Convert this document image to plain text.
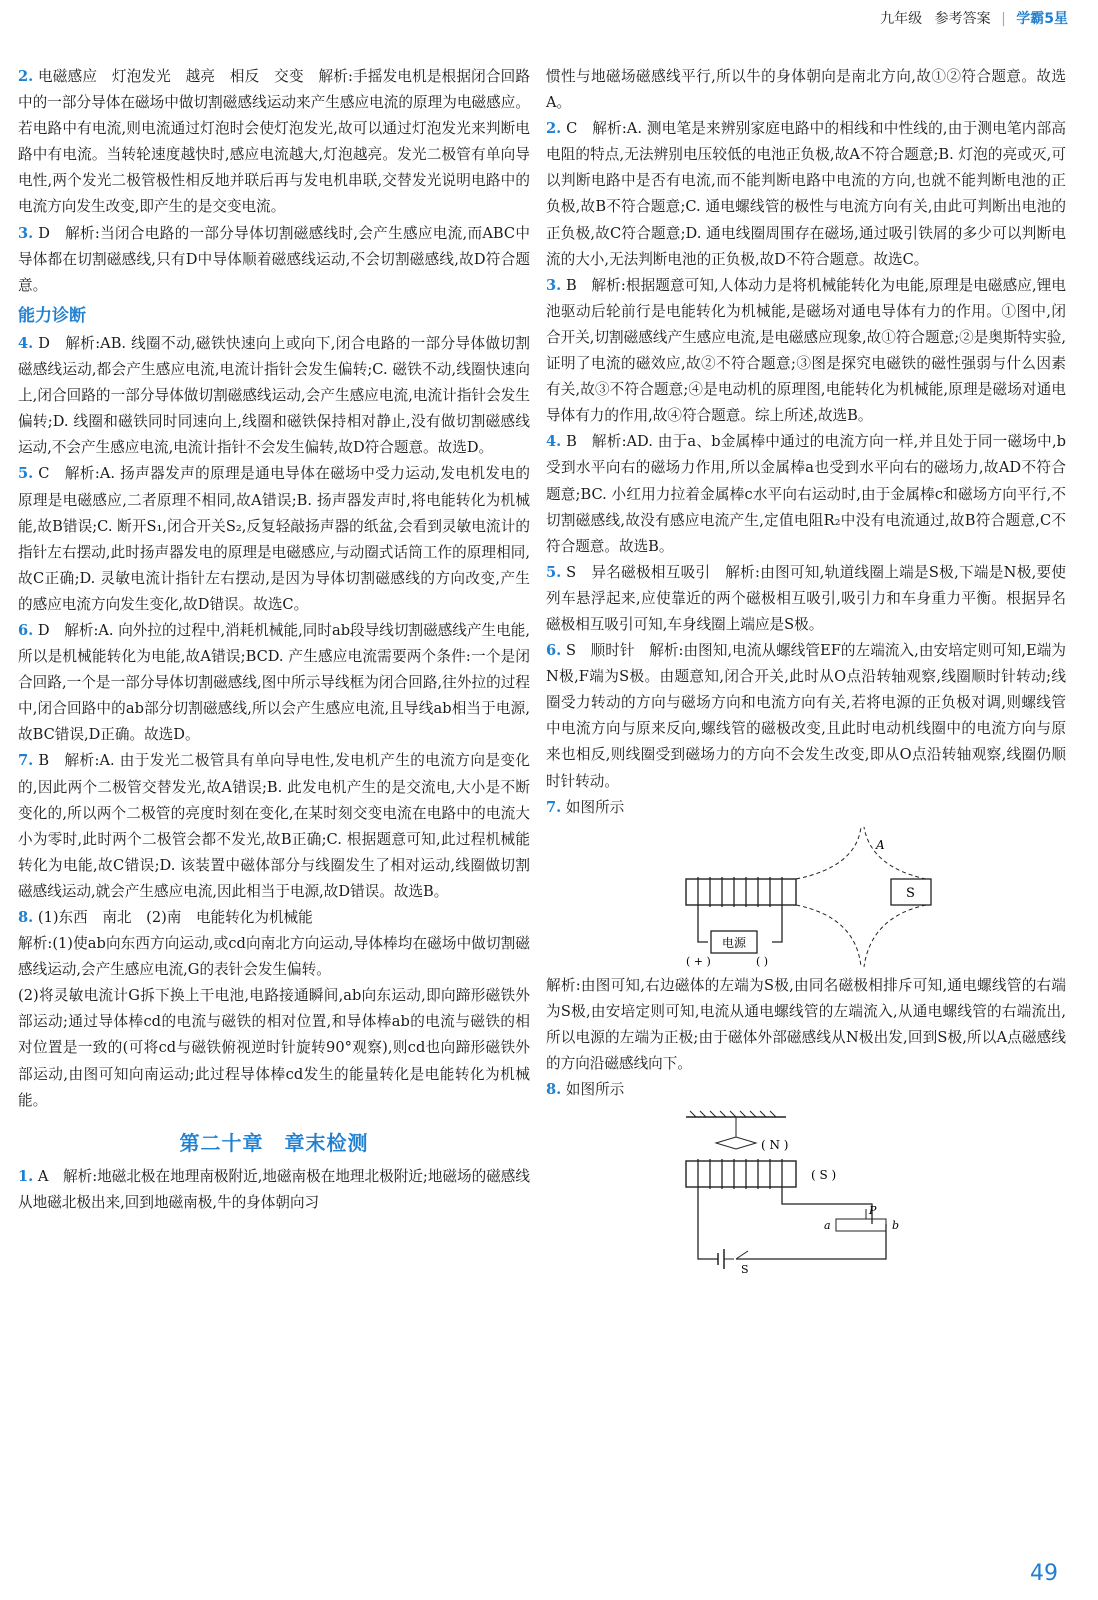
九年级 参考答案 | 学霸5星

2. 电磁感应　灯泡发光　越亮　相反　交变　解析:手摇发电机是根据闭合回路中的一部分导体在磁场中做切割磁感线运动来产生感应电流的原理为电磁感应。若电路中有电流,则电流通过灯泡时会使灯泡发光,故可以通过灯泡发光来判断电路中有电流。当转轮速度越快时,感应电流越大,灯泡越亮。发光二极管有单向导电性,两个发光二极管极性相反地并联后再与发电机串联,交替发光说明电路中的电流方向发生改变,即产生的是交变电流。

3. D　解析:当闭合电路的一部分导体切割磁感线时,会产生感应电流,而ABC中导体都在切割磁感线,只有D中导体顺着磁感线运动,不会切割磁感线,故D符合题意。

能力诊断

4. D　解析:AB. 线圈不动,磁铁快速向上或向下,闭合电路的一部分导体做切割磁感线运动,都会产生感应电流,电流计指针会发生偏转;C. 磁铁不动,线圈快速向上,闭合回路的一部分导体做切割磁感线运动,会产生感应电流,电流计指针会发生偏转;D. 线圈和磁铁同时同速向上,线圈和磁铁保持相对静止,没有做切割磁感线运动,不会产生感应电流,电流计指针不会发生偏转,故D符合题意。故选D。

5. C　解析:A. 扬声器发声的原理是通电导体在磁场中受力运动,发电机发电的原理是电磁感应,二者原理不相同,故A错误;B. 扬声器发声时,将电能转化为机械能,故B错误;C. 断开S₁,闭合开关S₂,反复轻敲扬声器的纸盆,会看到灵敏电流计的指针左右摆动,此时扬声器发电的原理是电磁感应,与动圈式话筒工作的原理相同,故C正确;D. 灵敏电流计指针左右摆动,是因为导体切割磁感线的方向改变,产生的感应电流方向发生变化,故D错误。故选C。

6. D　解析:A. 向外拉的过程中,消耗机械能,同时ab段导线切割磁感线产生电能,所以是机械能转化为电能,故A错误;BCD. 产生感应电流需要两个条件:一个是闭合回路,一个是一部分导体切割磁感线,图中所示导线框为闭合回路,往外拉的过程中,闭合回路中的ab部分切割磁感线,所以会产生感应电流,且导线ab相当于电源,故BC错误,D正确。故选D。

7. B　解析:A. 由于发光二极管具有单向导电性,发电机产生的电流方向是变化的,因此两个二极管交替发光,故A错误;B. 此发电机产生的是交流电,大小是不断变化的,所以两个二极管的亮度时刻在变化,在某时刻交变电流在电路中的电流大小为零时,此时两个二极管会都不发光,故B正确;C. 根据题意可知,此过程机械能转化为电能,故C错误;D. 该装置中磁体部分与线圈发生了相对运动,线圈做切割磁感线运动,就会产生感应电流,因此相当于电源,故D错误。故选B。

8. (1)东西　南北　(2)南　电能转化为机械能

解析:(1)使ab向东西方向运动,或cd向南北方向运动,导体棒均在磁场中做切割磁感线运动,会产生感应电流,G的表针会发生偏转。

(2)将灵敏电流计G拆下换上干电池,电路接通瞬间,ab向东运动,即向蹄形磁铁外部运动;通过导体棒cd的电流与磁铁的相对位置,和导体棒ab的电流与磁铁的相对位置是一致的(可将cd与磁铁俯视逆时针旋转90°观察),则cd也向蹄形磁铁外部运动,由图可知向南运动;此过程导体棒cd发生的能量转化是电能转化为机械能。

第二十章　章末检测

1. A　解析:地磁北极在地理南极附近,地磁南极在地理北极附近;地磁场的磁感线从地磁北极出来,回到地磁南极,牛的身体朝向习

惯性与地磁场磁感线平行,所以牛的身体朝向是南北方向,故①②符合题意。故选A。

2. C　解析:A. 测电笔是来辨别家庭电路中的相线和中性线的,由于测电笔内部高电阻的特点,无法辨别电压较低的电池正负极,故A不符合题意;B. 灯泡的亮或灭,可以判断电路中是否有电流,而不能判断电路中电流的方向,也就不能判断电池的正负极,故B不符合题意;C. 通电螺线管的极性与电流方向有关,由此可判断出电池的正负极,故C符合题意;D. 通电线圈周围存在磁场,通过吸引铁屑的多少可以判断电流的大小,无法判断电池的正负极,故D不符合题意。故选C。

3. B　解析:根据题意可知,人体动力是将机械能转化为电能,原理是电磁感应,锂电池驱动后轮前行是电能转化为机械能,是磁场对通电导体有力的作用。①图中,闭合开关,切割磁感线产生感应电流,是电磁感应现象,故①符合题意;②是奥斯特实验,证明了电流的磁效应,故②不符合题意;③图是探究电磁铁的磁性强弱与什么因素有关,故③不符合题意;④是电动机的原理图,电能转化为机械能,原理是磁场对通电导体有力的作用,故④符合题意。综上所述,故选B。

4. B　解析:AD. 由于a、b金属棒中通过的电流方向一样,并且处于同一磁场中,b受到水平向右的磁场力作用,所以金属棒a也受到水平向右的磁场力,故AD不符合题意;BC. 小红用力拉着金属棒c水平向右运动时,由于金属棒c和磁场方向平行,不切割磁感线,故没有感应电流产生,定值电阻R₂中没有电流通过,故B符合题意,C不符合题意。故选B。

5. S　异名磁极相互吸引　解析:由图可知,轨道线圈上端是S极,下端是N极,要使列车悬浮起来,应使靠近的两个磁极相互吸引,吸引力和车身重力平衡。根据异名磁极相互吸引可知,车身线圈上端应是S极。

6. S　顺时针　解析:由图知,电流从螺线管EF的左端流入,由安培定则可知,E端为N极,F端为S极。由题意知,闭合开关,此时从O点沿转轴观察,线圈顺时针转动;线圈受力转动的方向与磁场方向和电流方向有关,若将电源的正负极对调,则螺线管中电流方向与原来反向,螺线管的磁极改变,且此时电动机线圈中的电流方向与原来也相反,则线圈受到磁场力的方向不会发生改变,即从O点沿转轴观察,线圈仍顺时针转动。

7. 如图所示

电源
( + )	( )
S
A

解析:由图可知,右边磁体的左端为S极,由同名磁极相排斥可知,通电螺线管的右端为S极,由安培定则可知,电流从通电螺线管的左端流入,从通电螺线管的右端流出,所以电源的左端为正极;由于磁体外部磁感线从N极出发,回到S极,所以A点磁感线的方向沿磁感线向下。

8. 如图所示

( N )
( S )
S
P
a	b
49
